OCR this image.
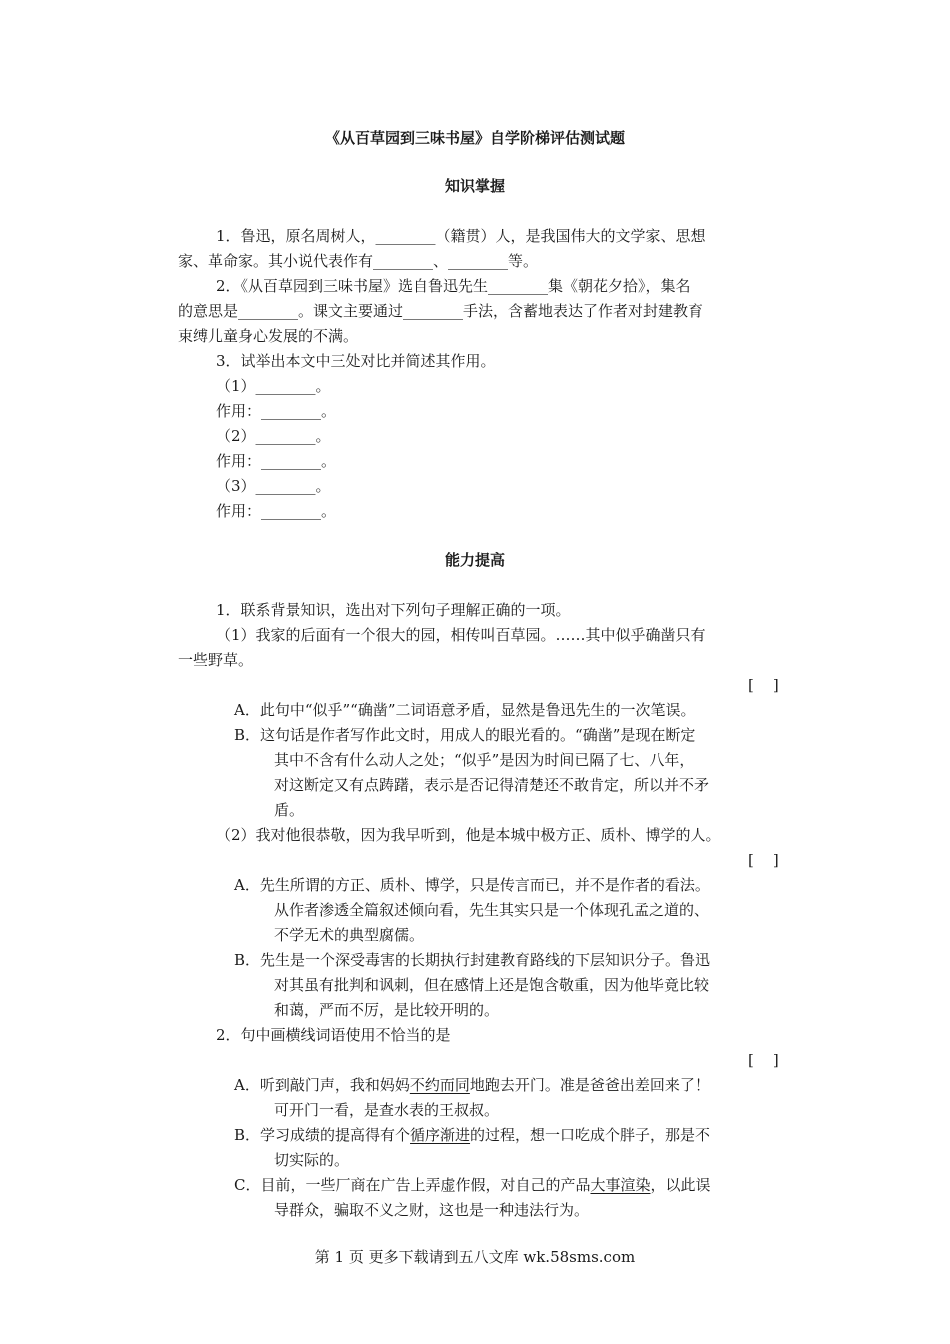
《从百草园到三味书屋》自学阶梯评估测试题
知识掌握
1．鲁迅，原名周树人，________（籍贯）人，是我国伟大的文学家、思想
家、革命家。其小说代表作有________、________等。
2．《从百草园到三味书屋》选自鲁迅先生________集《朝花夕拾》，集名
的意思是________。课文主要通过________手法，含蓄地表达了作者对封建教育
束缚儿童身心发展的不满。
3．试举出本文中三处对比并简述其作用。
（1）________。
作用：________。
（2）________。
作用：________。
（3）________。
作用：________。
能力提高
1．联系背景知识，选出对下列句子理解正确的一项。
（1）我家的后面有一个很大的园，相传叫百草园。……其中似乎确凿只有
一些野草。
[    ]
A．此句中“似乎”“确凿”二词语意矛盾，显然是鲁迅先生的一次笔误。
B．这句话是作者写作此文时，用成人的眼光看的。“确凿”是现在断定
其中不含有什么动人之处；“似乎”是因为时间已隔了七、八年，
对这断定又有点踌躇，表示是否记得清楚还不敢肯定，所以并不矛
盾。
（2）我对他很恭敬，因为我早听到，他是本城中极方正、质朴、博学的人。
[    ]
A．先生所谓的方正、质朴、博学，只是传言而已，并不是作者的看法。
从作者渗透全篇叙述倾向看，先生其实只是一个体现孔孟之道的、
不学无术的典型腐儒。
B．先生是一个深受毒害的长期执行封建教育路线的下层知识分子。鲁迅
对其虽有批判和讽刺，但在感情上还是饱含敬重，因为他毕竟比较
和蔼，严而不厉，是比较开明的。
2．句中画横线词语使用不恰当的是
[    ]
A．听到敲门声，我和妈妈不约而同地跑去开门。准是爸爸出差回来了！
可开门一看，是查水表的王叔叔。
B．学习成绩的提高得有个循序渐进的过程，想一口吃成个胖子，那是不
切实际的。
C．目前，一些厂商在广告上弄虚作假，对自己的产品大事渲染，以此误
导群众，骗取不义之财，这也是一种违法行为。
第 1 页 更多下载请到五八文库 wk.58sms.com
